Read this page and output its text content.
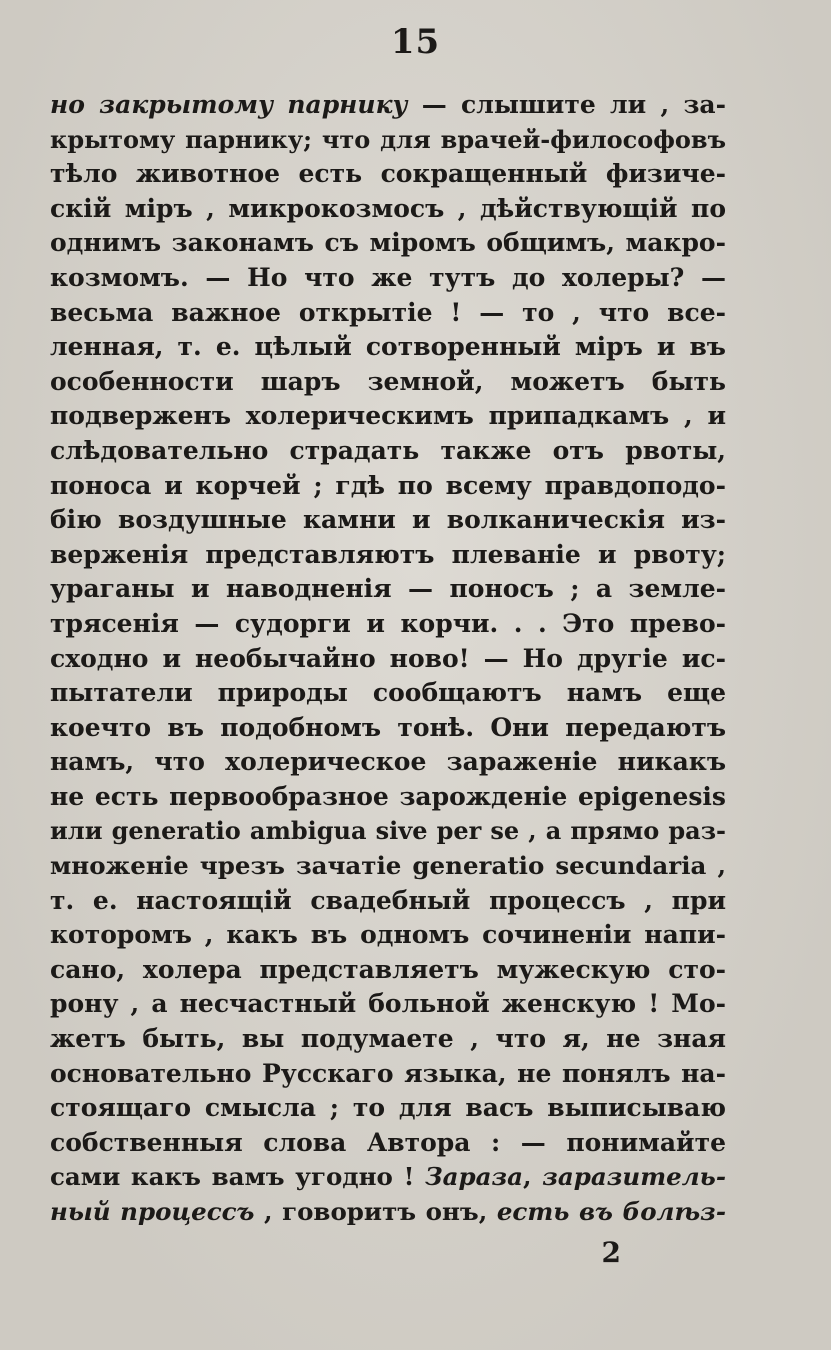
15
но закрытому парнику — слышите ли , за-
крытому парнику; что для врачей-философовъ
тѣло животное есть сокращенный физиче-
скій міръ , микрокозмосъ , дѣйствующій по
однимъ законамъ съ міромъ общимъ, макро-
козмомъ. — Но что же тутъ до холеры? —
весьма важное открытіе ! — то , что все-
ленная, т. е. цѣлый сотворенный міръ и въ
особенности шаръ земной, можетъ быть
подверженъ холерическимъ припадкамъ , и
слѣдовательно страдать также отъ рвоты,
поноса и корчей ; гдѣ по всему правдоподо-
бію воздушные камни и волканическія из-
верженія представляютъ плеваніе и рвоту;
ураганы и наводненія — поносъ ; а земле-
трясенія — судорги и корчи. . . Это прево-
сходно и необычайно ново! — Но другіе ис-
пытатели природы сообщаютъ намъ еще
коечто въ подобномъ тонѣ. Они передаютъ
намъ, что холерическое зараженіе никакъ
не есть первообразное зарожденіе epigenesis
или generatio ambigua sive per se , а прямо раз-
множеніе чрезъ зачатіе generatio secundaria ,
т. е. настоящій свадебный процессъ , при
которомъ , какъ въ одномъ сочиненіи напи-
сано, холера представляетъ мужескую сто-
рону , а несчастный больной женскую ! Мо-
жетъ быть, вы подумаете , что я, не зная
основательно Русскаго языка, не понялъ на-
стоящаго смысла ; то для васъ выписываю
собственныя слова Автора : — понимайте
сами какъ вамъ угодно ! Зараза, заразитель-
ный процессъ , говоритъ онъ, есть въ болѣз-
2
